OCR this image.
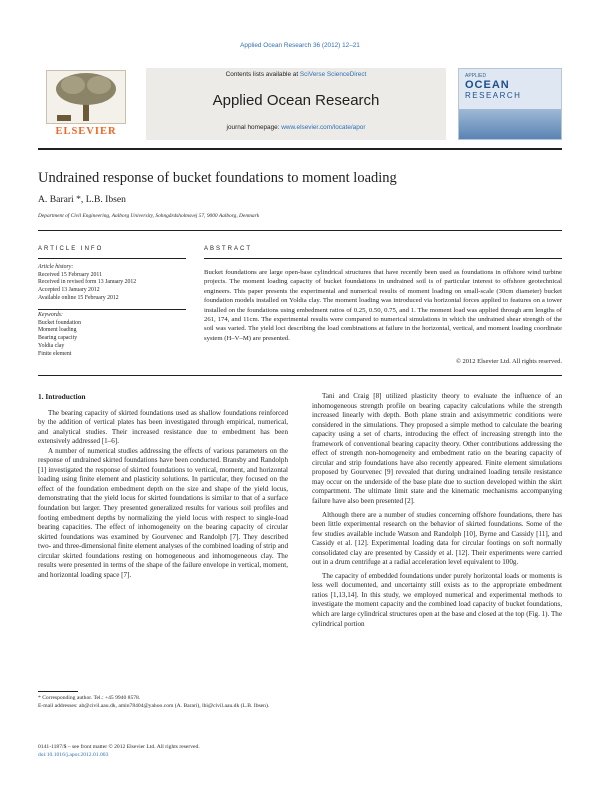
Applied Ocean Research 36 (2012) 12–21
ELSEVIER
Contents lists available at SciVerse ScienceDirect
Applied Ocean Research
journal homepage: www.elsevier.com/locate/apor
APPLIED
OCEAN
RESEARCH
Undrained response of bucket foundations to moment loading
A. Barari *, L.B. Ibsen
Department of Civil Engineering, Aalborg University, Sohngårdsholmsvej 57, 9000 Aalborg, Denmark
ARTICLE INFO	ABSTRACT
Article history:
Received 15 February 2011
Received in revised form 13 January 2012
Accepted 13 January 2012
Available online 15 February 2012
Keywords:
Bucket foundation
Moment loading
Bearing capacity
Yoldia clay
Finite element
Bucket foundations are large open-base cylindrical structures that have recently been used as foundations in offshore wind turbine projects. The moment loading capacity of bucket foundations in undrained soil is of particular interest to offshore geotechnical engineers. This paper presents the experimental and numerical results of moment loading on small-scale (30cm diameter) bucket foundation models installed on Yoldia clay. The moment loading was introduced via horizontal forces applied to features on a tower installed on the foundations using embedment ratios of 0.25, 0.50, 0.75, and 1. The moment load was applied through arm lengths of 261, 174, and 11cm. The experimental results were compared to numerical simulations in which the undrained shear strength of the soil was varied. The yield loci describing the load combinations at failure in the horizontal, vertical, and moment loading coordinate system (H–V–M) are presented.
© 2012 Elsevier Ltd. All rights reserved.
1. Introduction

The bearing capacity of skirted foundations used as shallow foundations reinforced by the addition of vertical plates has been investigated through empirical, numerical, and analytical studies. Their increased resistance due to embedment has been extensively addressed [1–6].

A number of numerical studies addressing the effects of various parameters on the response of undrained skirted foundations have been conducted. Bransby and Randolph [1] investigated the response of skirted foundations to vertical, moment, and horizontal loading using finite element and plasticity solutions. In particular, they focused on the effect of the foundation embedment depth on the size and shape of the yield locus, demonstrating that the yield locus for skirted foundations is similar to that of a surface foundation but larger. They presented generalized results for various soil profiles and footing embedment depths by normalizing the yield locus with respect to single-load bearing capacities. The effect of inhomogeneity on the bearing capacity of circular skirted foundations was examined by Gourvenec and Randolph [7]. They described two- and three-dimensional finite element analyses of the combined loading of strip and circular skirted foundations resting on homogeneous and inhomogeneous clay. The results were presented in terms of the shape of the failure envelope in vertical, moment, and horizontal loading space [7].

Tani and Craig [8] utilized plasticity theory to evaluate the influence of an inhomogeneous strength profile on bearing capacity calculations while the strength increased linearly with depth. Both plane strain and axisymmetric conditions were considered in the simulations. They proposed a simple method to calculate the bearing capacity using a set of charts, introducing the effect of increasing strength into the framework of conventional bearing capacity theory. Other contributions addressing the effect of strength non-homogeneity and embedment ratio on the bearing capacity of circular and strip foundations have also recently appeared. Finite element simulations proposed by Gourvenec [9] revealed that during undrained loading tensile resistance may occur on the underside of the base plate due to suction developed within the skirt compartment. The ultimate limit state and the kinematic mechanisms accompanying failure have also been presented [2].

Although there are a number of studies concerning offshore foundations, there has been little experimental research on the behavior of skirted foundations. Some of the few studies available include Watson and Randolph [10], Byrne and Cassidy [11], and Cassidy et al. [12]. Experimental loading data for circular footings on soft normally consolidated clay are presented by Cassidy et al. [12]. Their experiments were carried out in a drum centrifuge at a radial acceleration level equivalent to 100g.

The capacity of embedded foundations under purely horizontal loads or moments is less well documented, and uncertainty still exists as to the appropriate embedment ratios [1,13,14]. In this study, we employed numerical and experimental methods to investigate the moment capacity and the combined load capacity of bucket foundations, which are large cylindrical structures open at the base and closed at the top (Fig. 1). The cylindrical portion

* Corresponding author. Tel.: +45 9940 8578.
E-mail addresses: ab@civil.aau.dk, amin78404@yahoo.com (A. Barari), lbi@civil.aau.dk (L.B. Ibsen).
0141-1187/$ – see front matter © 2012 Elsevier Ltd. All rights reserved.
doi:10.1016/j.apor.2012.01.003
